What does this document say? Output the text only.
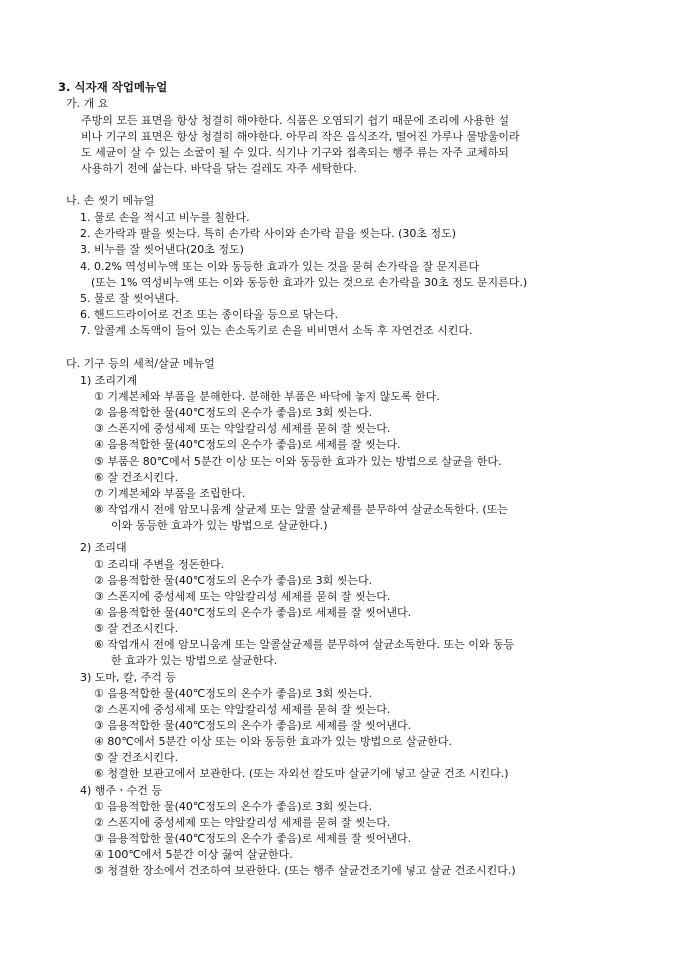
3. 식자재 작업메뉴얼
가. 개 요
주방의 모든 표면을 항상 청결히 해야한다. 식품은 오염되기 쉽기 때문에 조리에 사용한 설
비나 기구의 표면은 항상 청결히 해야한다. 아무리 작은 음식조각, 떨어진 가루나 물방울이라
도 세균이 살 수 있는 소굴이 될 수 있다. 식기나 기구와 접촉되는 행주 류는 자주 교체하되
사용하기 전에 삶는다. 바닥을 닦는 걸레도 자주 세탁한다.
나. 손 씻기 메뉴얼
1. 물로 손을 적시고 비누를 칠한다.
2. 손가락과 팔을 씻는다. 특히 손가락 사이와 손가락 끝을 씻는다. (30초 정도)
3. 비누를 잘 씻어낸다(20초 정도)
4. 0.2% 역성비누액 또는 이와 동등한 효과가 있는 것을 묻혀 손가락을 잘 문지른다
(또는 1% 역성비누액 또는 이와 동등한 효과가 있는 것으로 손가락을 30초 정도 문지른다.)
5. 물로 잘 씻어낸다.
6. 핸드드라이어로 건조 또는 종이타올 등으로 닦는다.
7. 알콜계 소독액이 들어 있는 손소독기로 손을 비비면서 소독 후 자연건조 시킨다.
다. 기구 등의 세척/살균 메뉴얼
1) 조리기계
① 기계본체와 부품을 분해한다. 분해한 부품은 바닥에 놓지 않도록 한다.
② 음용적합한 물(40℃정도의 온수가 좋음)로 3회 씻는다.
③ 스폰지에 중성세제 또는 약알칼리성 세제를 묻혀 잘 씻는다.
④ 음용적합한 물(40℃정도의 온수가 좋음)로 세제를 잘 씻는다.
⑤ 부품은 80℃에서 5분간 이상 또는 이와 동등한 효과가 있는 방법으로 살균을 한다.
⑥ 잘 건조시킨다.
⑦ 기계본체와 부품을 조립한다.
⑧ 작업개시 전에 암모니움계 살균제 또는 알콜 살균제를 분무하여 살균소독한다. (또는
이와 동등한 효과가 있는 방법으로 살균한다.)
2) 조리대
① 조리대 주변을 정돈한다.
② 음용적합한 물(40℃정도의 온수가 좋음)로 3회 씻는다.
③ 스폰지에 중성세제 또는 약알칼리성 세제를 묻혀 잘 씻는다.
④ 음용적합한 물(40℃정도의 온수가 좋음)로 세제를 잘 씻어낸다.
⑤ 잘 건조시킨다.
⑥ 작업개시 전에 암모니움계 또는 알콜살균제를 분무하여 살균소독한다. 또는 이와 동등
한 효과가 있는 방법으로 살균한다.
3) 도마, 칼, 주걱 등
① 음용적합한 물(40℃정도의 온수가 좋음)로 3회 씻는다.
② 스폰지에 중성세제 또는 약알칼리성 세제를 묻혀 잘 씻는다.
③ 음용적합한 물(40℃정도의 온수가 좋음)로 세제를 잘 씻어낸다.
④ 80℃에서 5분간 이상 또는 이와 동등한 효과가 있는 방법으로 살균한다.
⑤ 잘 건조시킨다.
⑥ 청결한 보관고에서 보관한다. (또는 자외선 칼도마 살균기에 넣고 살균 건조 시킨다.)
4) 행주ㆍ수건 등
① 음용적합한 물(40℃정도의 온수가 좋음)로 3회 씻는다.
② 스폰지에 중성세제 또는 약알칼리성 세제를 묻혀 잘 씻는다.
③ 음용적합한 물(40℃정도의 온수가 좋음)로 세제를 잘 씻어낸다.
④ 100℃에서 5분간 이상 끓여 살균한다.
⑤ 청결한 장소에서 건조하여 보관한다. (또는 행주 살균건조기에 넣고 살균 건조시킨다.)
